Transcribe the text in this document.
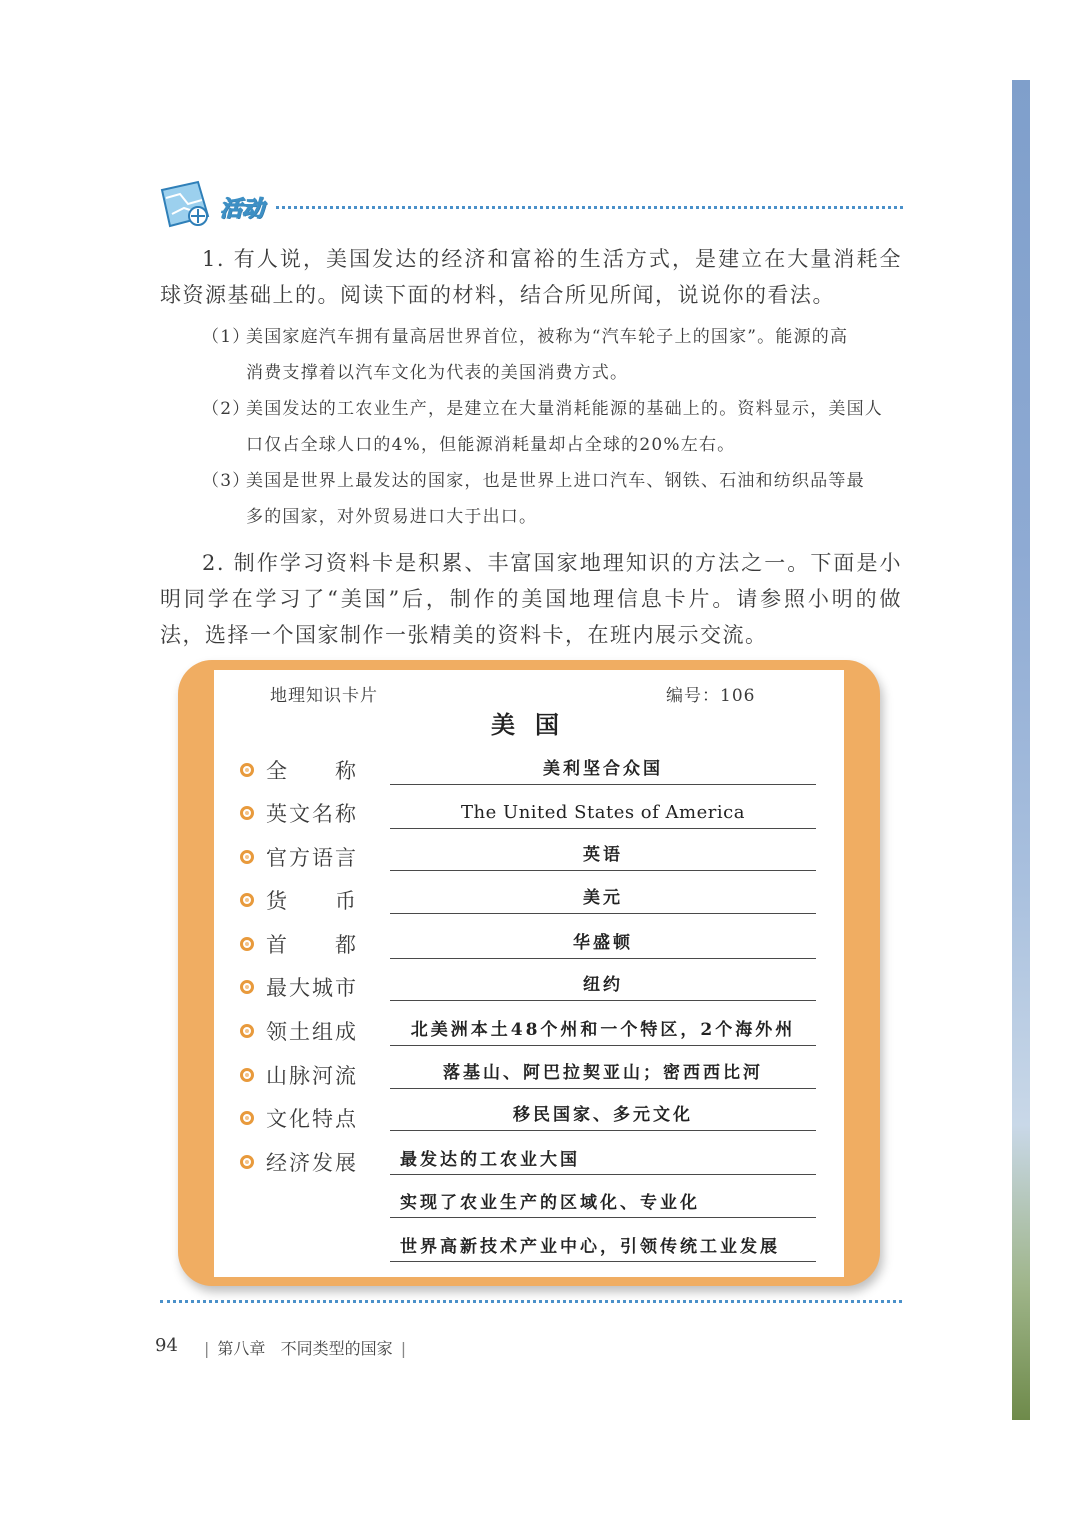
活动
1. 有人说，美国发达的经济和富裕的生活方式，是建立在大量消耗全球资源基础上的。阅读下面的材料，结合所见所闻，说说你的看法。
（1）美国家庭汽车拥有量高居世界首位，被称为“汽车轮子上的国家”。能源的高
消费支撑着以汽车文化为代表的美国消费方式。
（2）美国发达的工农业生产，是建立在大量消耗能源的基础上的。资料显示，美国人
口仅占全球人口的4%，但能源消耗量却占全球的20%左右。
（3）美国是世界上最发达的国家，也是世界上进口汽车、钢铁、石油和纺织品等最
多的国家，对外贸易进口大于出口。
2. 制作学习资料卡是积累、丰富国家地理知识的方法之一。下面是小明同学在学习了“美国”后，制作的美国地理信息卡片。请参照小明的做法，选择一个国家制作一张精美的资料卡，在班内展示交流。
地理知识卡片	编号：106
美国
全称	美利坚合众国
英文名称	The United States of America
官方语言	英语
货币	美元
首都	华盛顿
最大城市	纽约
领土组成	北美洲本土48个州和一个特区，2个海外州
山脉河流	落基山、阿巴拉契亚山；密西西比河
文化特点	移民国家、多元文化
经济发展	最发达的工农业大国
实现了农业生产的区域化、专业化
世界高新技术产业中心，引领传统工业发展
94	| 第八章 不同类型的国家 |
